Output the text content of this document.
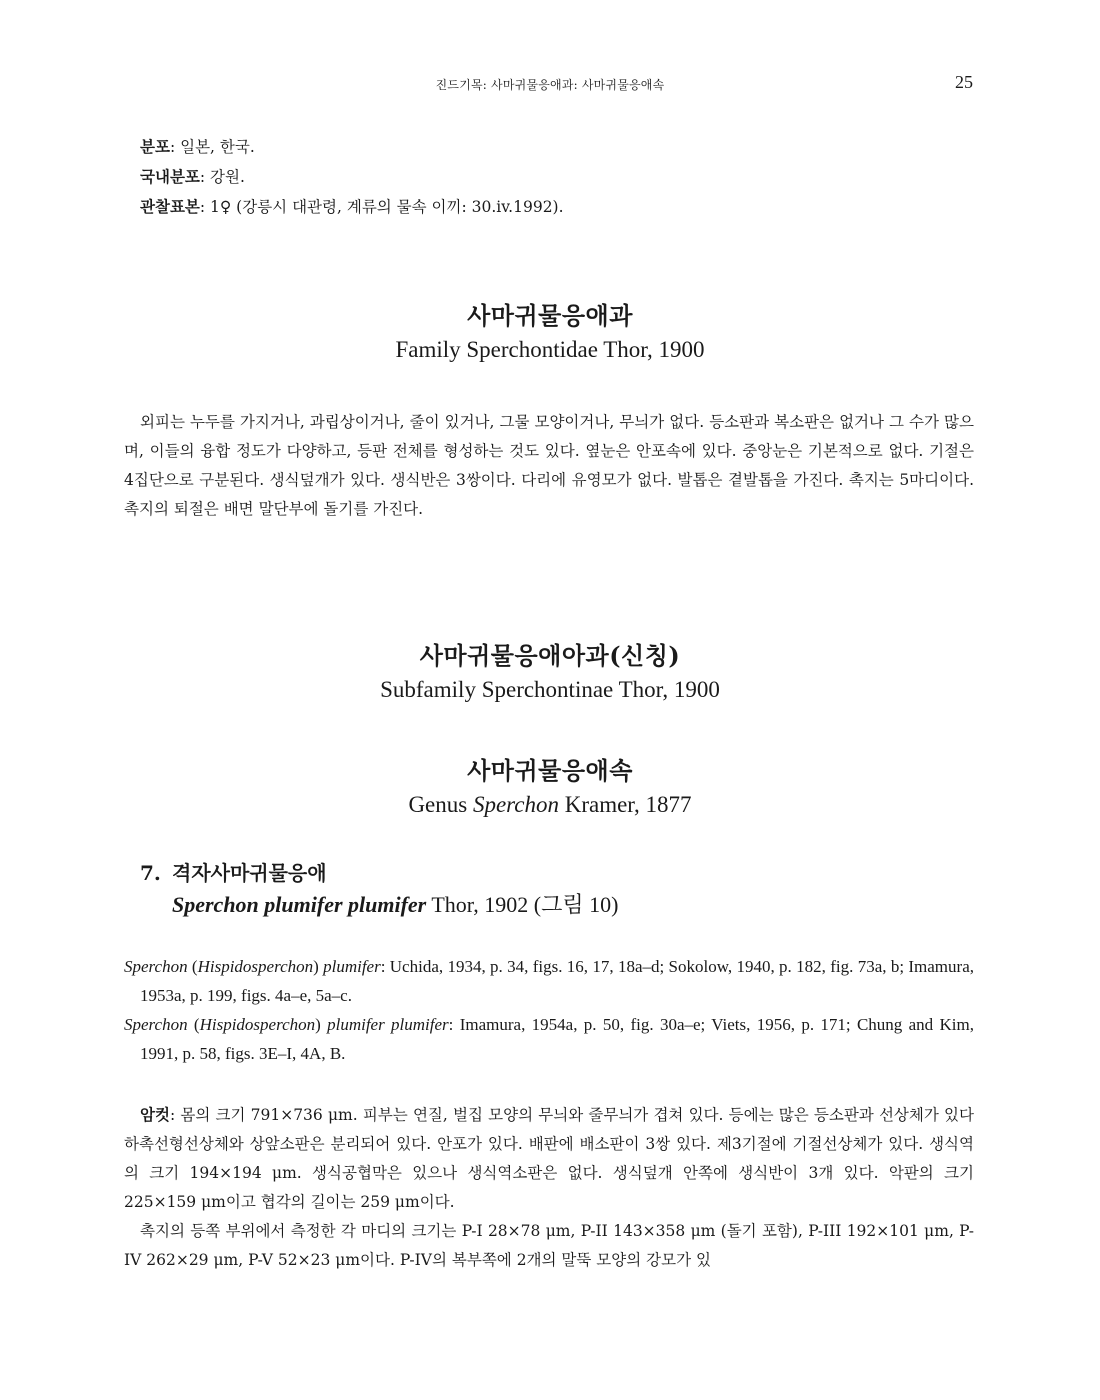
진드기목: 사마귀물응애과: 사마귀물응애속	25
분포: 일본, 한국.
국내분포: 강원.
관찰표본: 1♀ (강릉시 대관령, 계류의 물속 이끼: 30.iv.1992).
사마귀물응애과
Family Sperchontidae Thor, 1900
외피는 누두를 가지거나, 과립상이거나, 줄이 있거나, 그물 모양이거나, 무늬가 없다. 등소판과 복소판은 없거나 그 수가 많으며, 이들의 융합 정도가 다양하고, 등판 전체를 형성하는 것도 있다. 옆눈은 안포속에 있다. 중앙눈은 기본적으로 없다. 기절은 4집단으로 구분된다. 생식덮개가 있다. 생식반은 3쌍이다. 다리에 유영모가 없다. 발톱은 곁발톱을 가진다. 촉지는 5마디이다. 촉지의 퇴절은 배면 말단부에 돌기를 가진다.
사마귀물응애아과(신칭)
Subfamily Sperchontinae Thor, 1900
사마귀물응애속
Genus Sperchon Kramer, 1877
7. 격자사마귀물응애
Sperchon plumifer plumifer Thor, 1902 (그림 10)
Sperchon (Hispidosperchon) plumifer: Uchida, 1934, p. 34, figs. 16, 17, 18a–d; Sokolow, 1940, p. 182, fig. 73a, b; Imamura, 1953a, p. 199, figs. 4a–e, 5a–c.
Sperchon (Hispidosperchon) plumifer plumifer: Imamura, 1954a, p. 50, fig. 30a–e; Viets, 1956, p. 171; Chung and Kim, 1991, p. 58, figs. 3E–I, 4A, B.
암컷: 몸의 크기 791×736 μm. 피부는 연질, 벌집 모양의 무늬와 줄무늬가 겹쳐 있다. 등에는 많은 등소판과 선상체가 있다 하촉선형선상체와 상앞소판은 분리되어 있다. 안포가 있다. 배판에 배소판이 3쌍 있다. 제3기절에 기절선상체가 있다. 생식역의 크기 194×194 μm. 생식공협막은 있으나 생식역소판은 없다. 생식덮개 안쪽에 생식반이 3개 있다. 악판의 크기 225×159 μm이고 협각의 길이는 259 μm이다.
촉지의 등쪽 부위에서 측정한 각 마디의 크기는 P-I 28×78 μm, P-II 143×358 μm (돌기 포함), P-III 192×101 μm, P-IV 262×29 μm, P-V 52×23 μm이다. P-IV의 복부쪽에 2개의 말뚝 모양의 강모가 있
